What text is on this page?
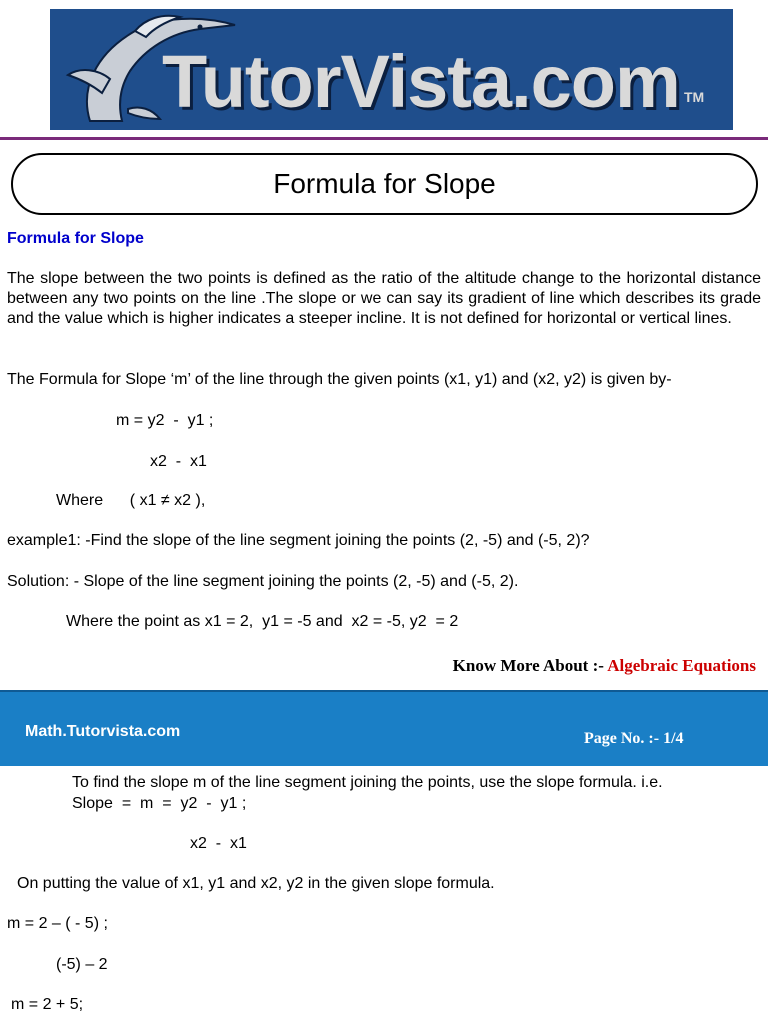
TutorVista.com TM
Formula for Slope
Formula for Slope
The slope between the two points is defined as the ratio of the altitude change to the horizontal distance between any two points on the line .The slope or we can say its gradient of line which describes its grade and the value which is higher indicates a steeper incline. It is not defined for horizontal or vertical lines.
The Formula for Slope ‘m’ of the line through the given points (x1, y1) and (x2, y2) is given by-
m = y2  -  y1 ;
x2  -  x1
Where      ( x1 ≠ x2 ),
example1: -Find the slope of the line segment joining the points (2, -5) and (-5, 2)?
Solution: - Slope of the line segment joining the points (2, -5) and (-5, 2).
Where the point as x1 = 2,  y1 = -5 and  x2 = -5, y2  = 2
Know More About :- Algebraic Equations
Math.Tutorvista.com	Page No. :- 1/4
To find the slope m of the line segment joining the points, use the slope formula. i.e.
Slope  =  m  =  y2  -  y1 ;
x2  -  x1
On putting the value of x1, y1 and x2, y2 in the given slope formula.
m = 2 – ( - 5) ;
(-5) – 2
m = 2 + 5;
